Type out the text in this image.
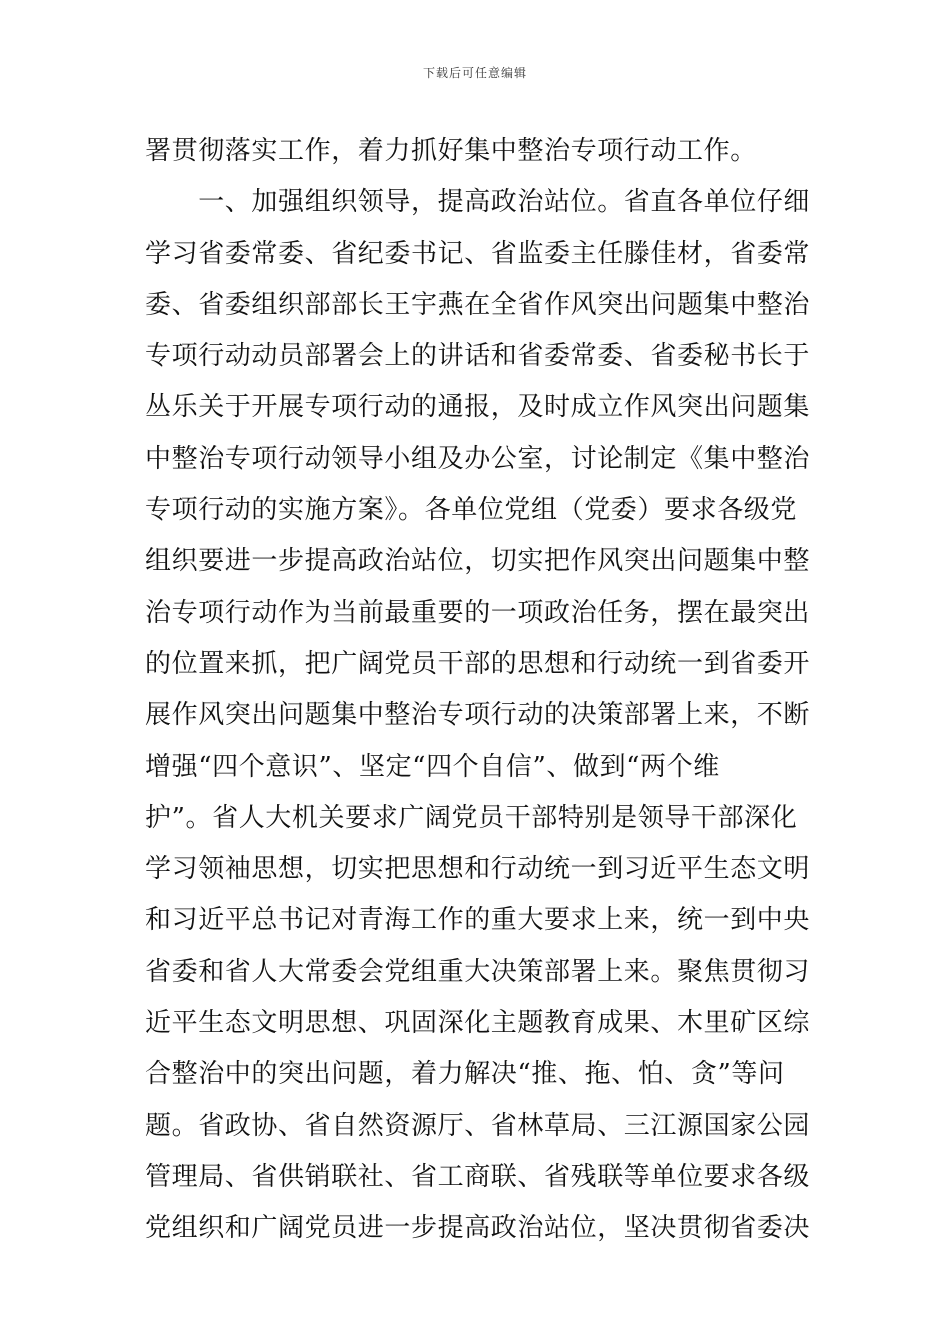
下载后可任意编辑
署贯彻落实工作，着力抓好集中整治专项行动工作。
　　一、加强组织领导，提高政治站位。省直各单位仔细
学习省委常委、省纪委书记、省监委主任滕佳材，省委常
委、省委组织部部长王宇燕在全省作风突出问题集中整治
专项行动动员部署会上的讲话和省委常委、省委秘书长于
丛乐关于开展专项行动的通报，及时成立作风突出问题集
中整治专项行动领导小组及办公室，讨论制定《集中整治
专项行动的实施方案》。各单位党组（党委）要求各级党
组织要进一步提高政治站位，切实把作风突出问题集中整
治专项行动作为当前最重要的一项政治任务，摆在最突出
的位置来抓，把广阔党员干部的思想和行动统一到省委开
展作风突出问题集中整治专项行动的决策部署上来，不断
增强“四个意识”、坚定“四个自信”、做到“两个维
护”。省人大机关要求广阔党员干部特别是领导干部深化
学习领袖思想，切实把思想和行动统一到习近平生态文明
和习近平总书记对青海工作的重大要求上来，统一到中央
省委和省人大常委会党组重大决策部署上来。聚焦贯彻习
近平生态文明思想、巩固深化主题教育成果、木里矿区综
合整治中的突出问题，着力解决“推、拖、怕、贪”等问
题。省政协、省自然资源厅、省林草局、三江源国家公园
管理局、省供销联社、省工商联、省残联等单位要求各级
党组织和广阔党员进一步提高政治站位，坚决贯彻省委决
